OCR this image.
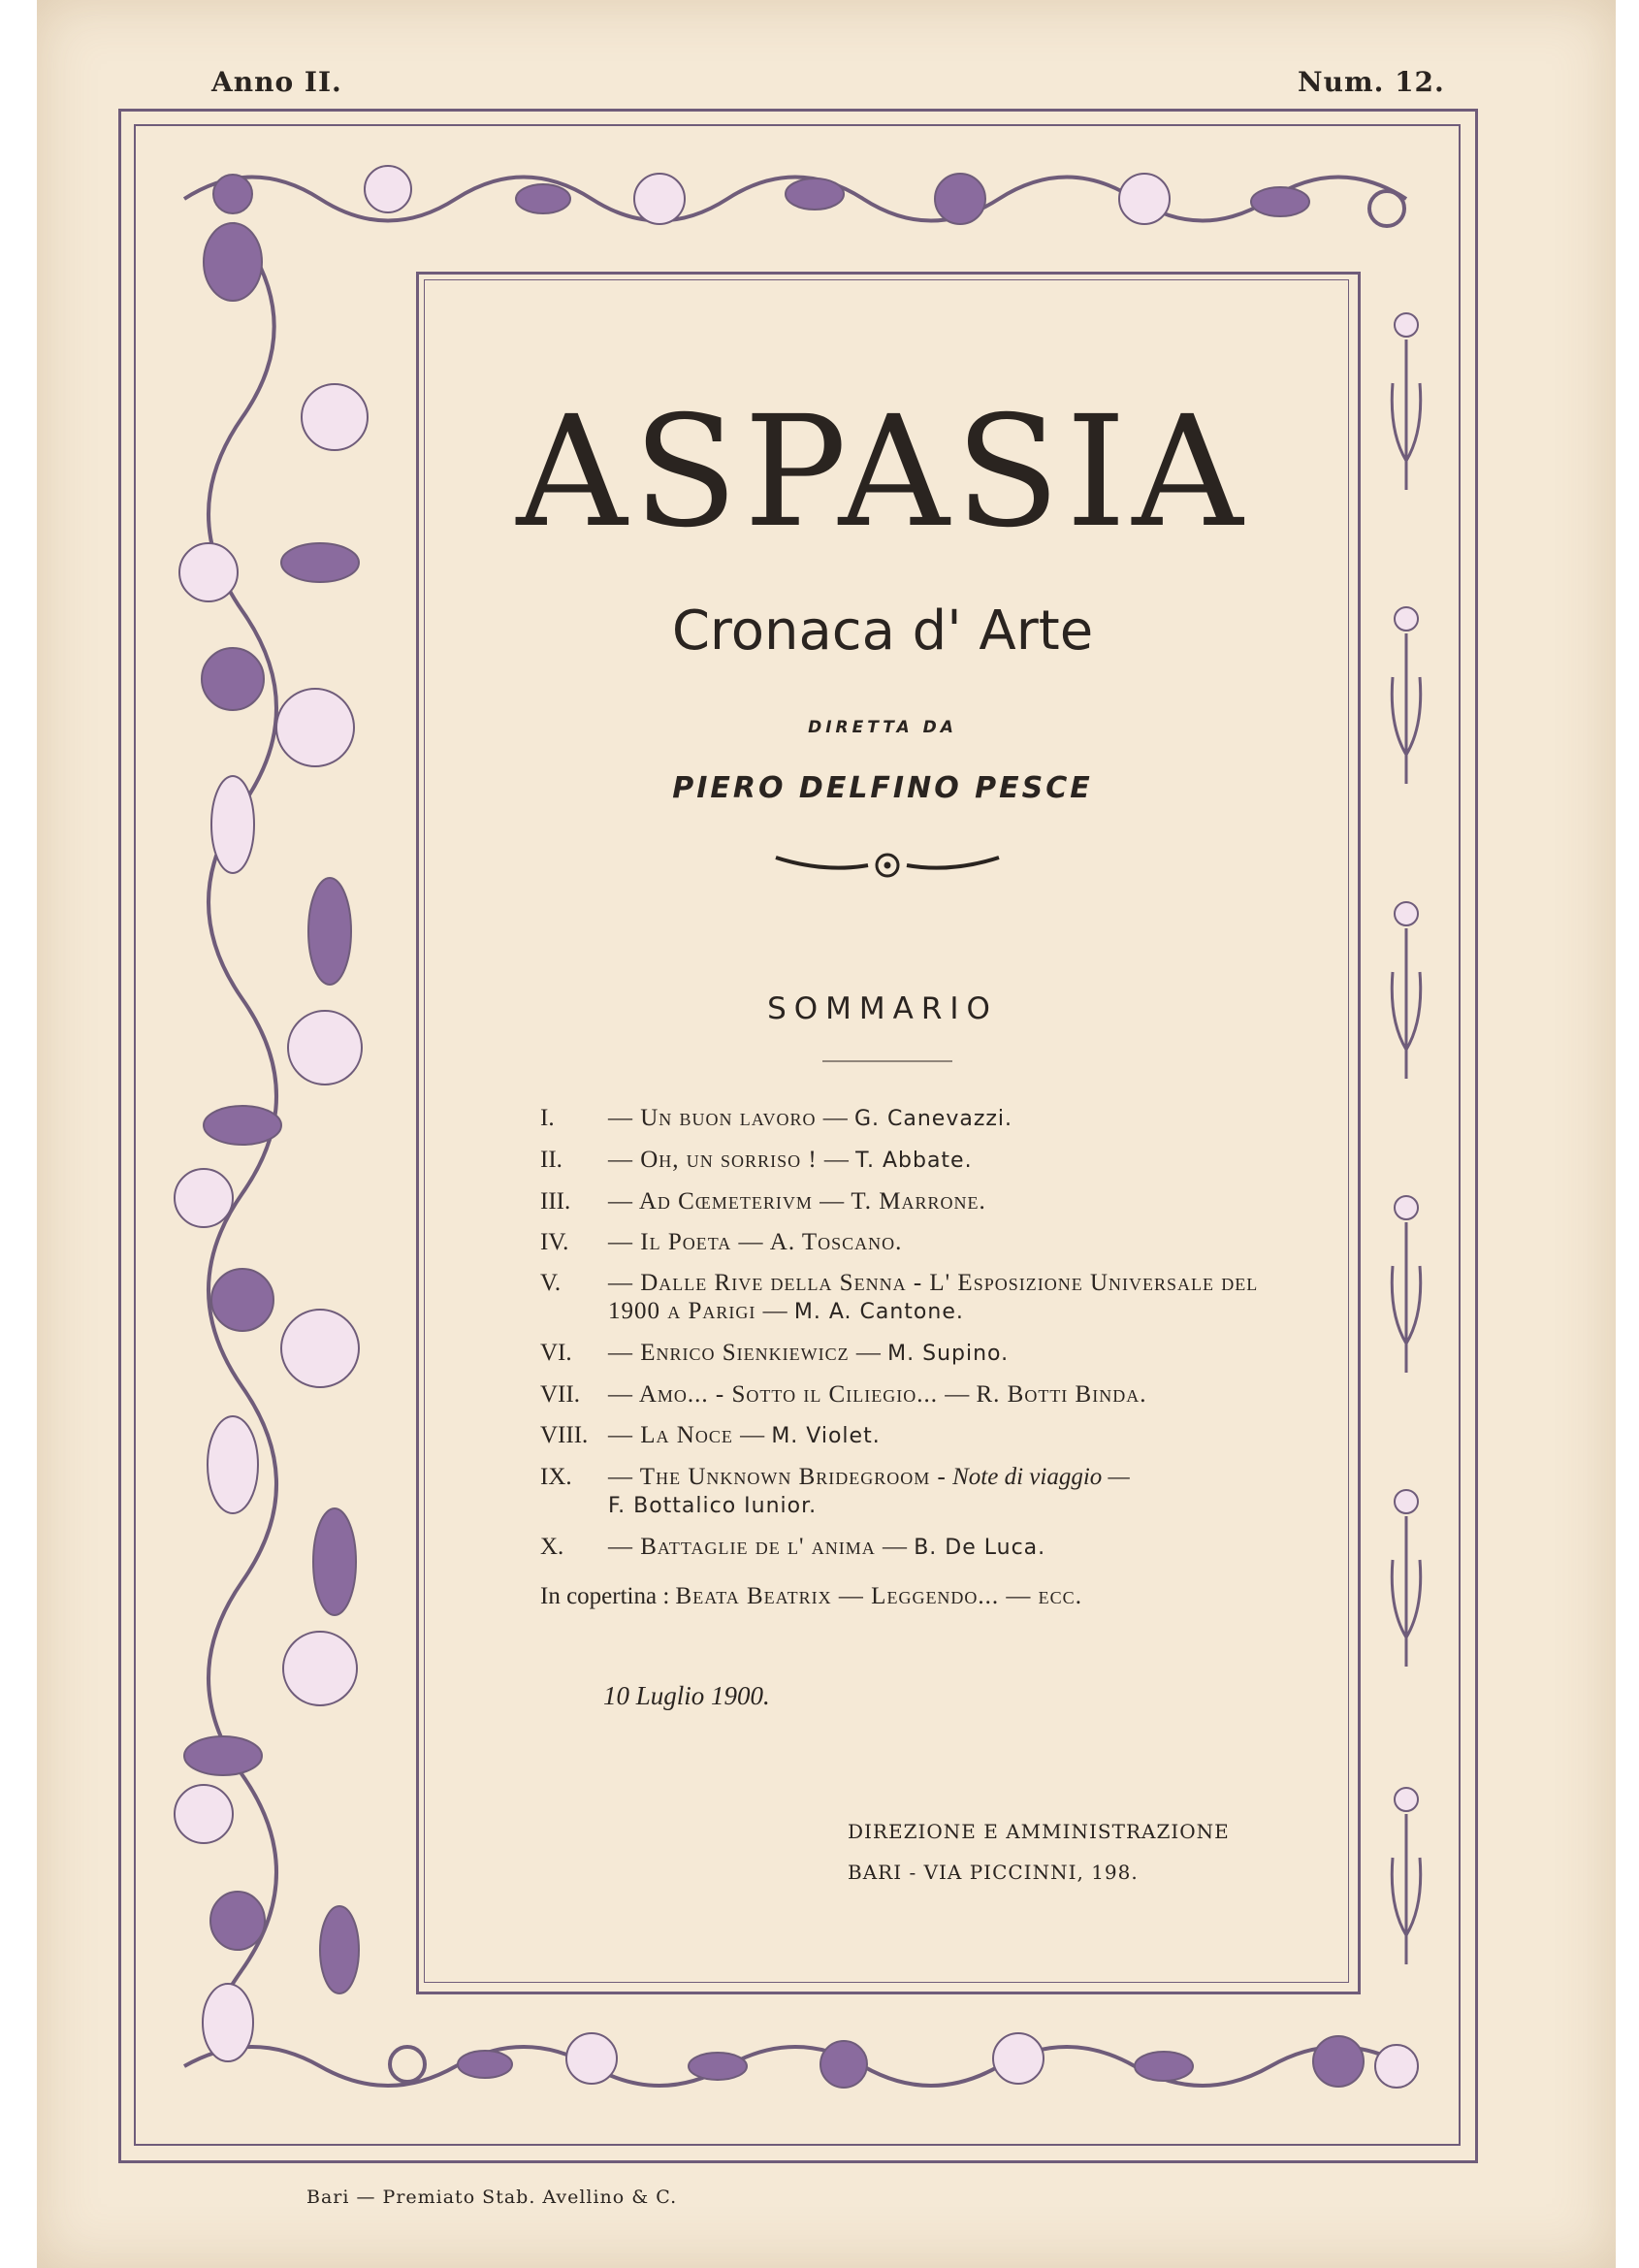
Anno II.	Num. 12.
ASPASIA
Cronaca d' Arte
DIRETTA DA
PIERO DELFINO PESCE
SOMMARIO
I.	— Un buon lavoro — G. Canevazzi.
II.	— Oh, un sorriso ! — T. Abbate.
III.	— Ad Cœmeterivm — T. Marrone.
IV.	— Il Poeta — A. Toscano.
V.	— Dalle Rive della Senna - L' Esposizione Universale del 1900 a Parigi — M. A. Cantone.
VI.	— Enrico Sienkiewicz — M. Supino.
VII.	— Amo... - Sotto il Ciliegio... — R. Botti Binda.
VIII. — La Noce — M. Violet.
IX.	— The Unknown Bridegroom - Note di viaggio —
F. Bottalico Iunior.
X.	— Battaglie de l' anima — B. De Luca.
In copertina : Beata Beatrix — Leggendo... — ecc.
10 Luglio 1900.
DIREZIONE E AMMINISTRAZIONE
BARI - VIA PICCINNI, 198.
Bari — Premiato Stab. Avellino & C.
